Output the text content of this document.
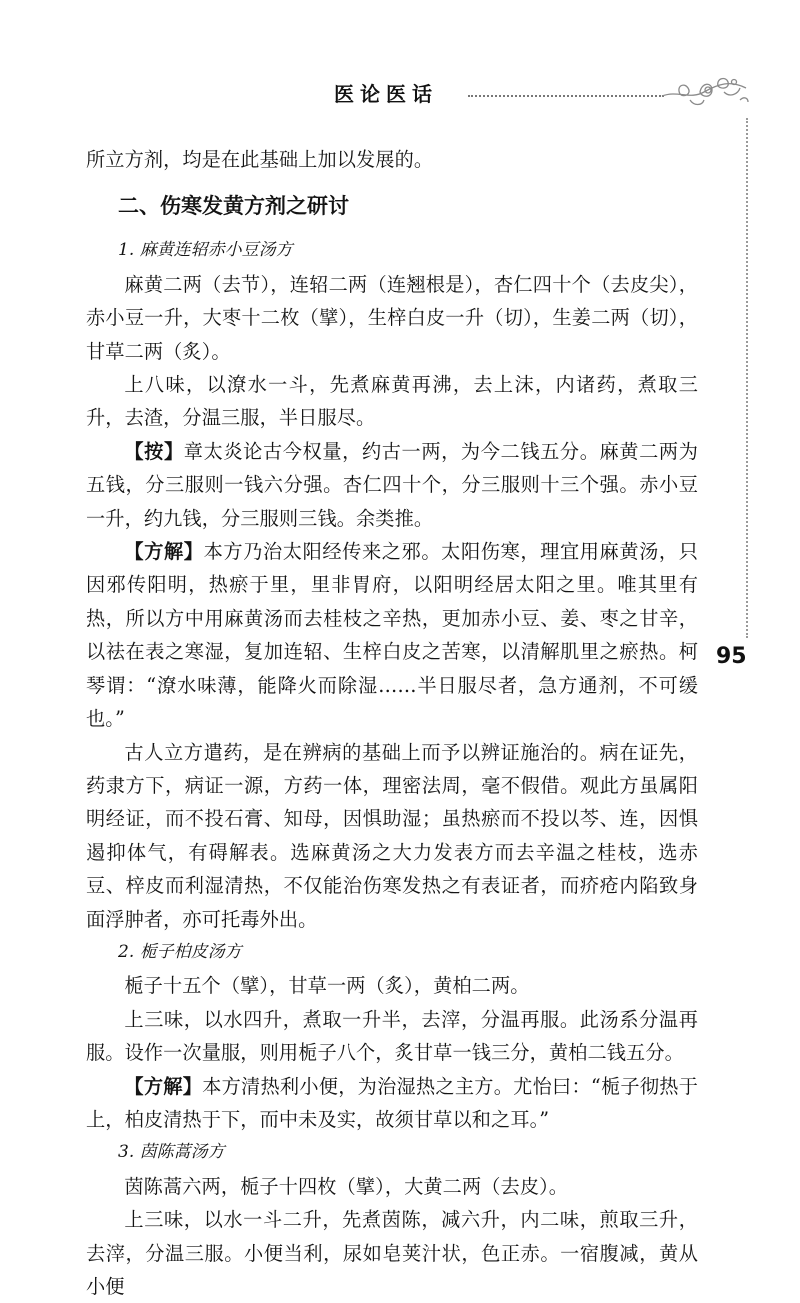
医论医话
95

所立方剂，均是在此基础上加以发展的。

二、伤寒发黄方剂之研讨
1. 麻黄连轺赤小豆汤方

麻黄二两（去节），连轺二两（连翘根是），杏仁四十个（去皮尖），赤小豆一升，大枣十二枚（擘），生梓白皮一升（切），生姜二两（切），甘草二两（炙）。

上八味，以潦水一斗，先煮麻黄再沸，去上沫，内诸药，煮取三升，去渣，分温三服，半日服尽。

【按】章太炎论古今权量，约古一两，为今二钱五分。麻黄二两为五钱，分三服则一钱六分强。杏仁四十个，分三服则十三个强。赤小豆一升，约九钱，分三服则三钱。余类推。

【方解】本方乃治太阳经传来之邪。太阳伤寒，理宜用麻黄汤，只因邪传阳明，热瘀于里，里非胃府，以阳明经居太阳之里。唯其里有热，所以方中用麻黄汤而去桂枝之辛热，更加赤小豆、姜、枣之甘辛，以祛在表之寒湿，复加连轺、生梓白皮之苦寒，以清解肌里之瘀热。柯琴谓：“潦水味薄，能降火而除湿……半日服尽者，急方通剂，不可缓也。”

古人立方遣药，是在辨病的基础上而予以辨证施治的。病在证先，药隶方下，病证一源，方药一体，理密法周，毫不假借。观此方虽属阳明经证，而不投石膏、知母，因惧助湿；虽热瘀而不投以芩、连，因惧遏抑体气，有碍解表。选麻黄汤之大力发表方而去辛温之桂枝，选赤豆、梓皮而利湿清热，不仅能治伤寒发热之有表证者，而疥疮内陷致身面浮肿者，亦可托毒外出。

2. 栀子柏皮汤方

栀子十五个（擘），甘草一两（炙），黄柏二两。

上三味，以水四升，煮取一升半，去滓，分温再服。此汤系分温再服。设作一次量服，则用栀子八个，炙甘草一钱三分，黄柏二钱五分。

【方解】本方清热利小便，为治湿热之主方。尤怡曰：“栀子彻热于上，柏皮清热于下，而中未及实，故须甘草以和之耳。”

3. 茵陈蒿汤方

茵陈蒿六两，栀子十四枚（擘），大黄二两（去皮）。

上三味，以水一斗二升，先煮茵陈，减六升，内二味，煎取三升，去滓，分温三服。小便当利，尿如皂荚汁状，色正赤。一宿腹减，黄从小便
